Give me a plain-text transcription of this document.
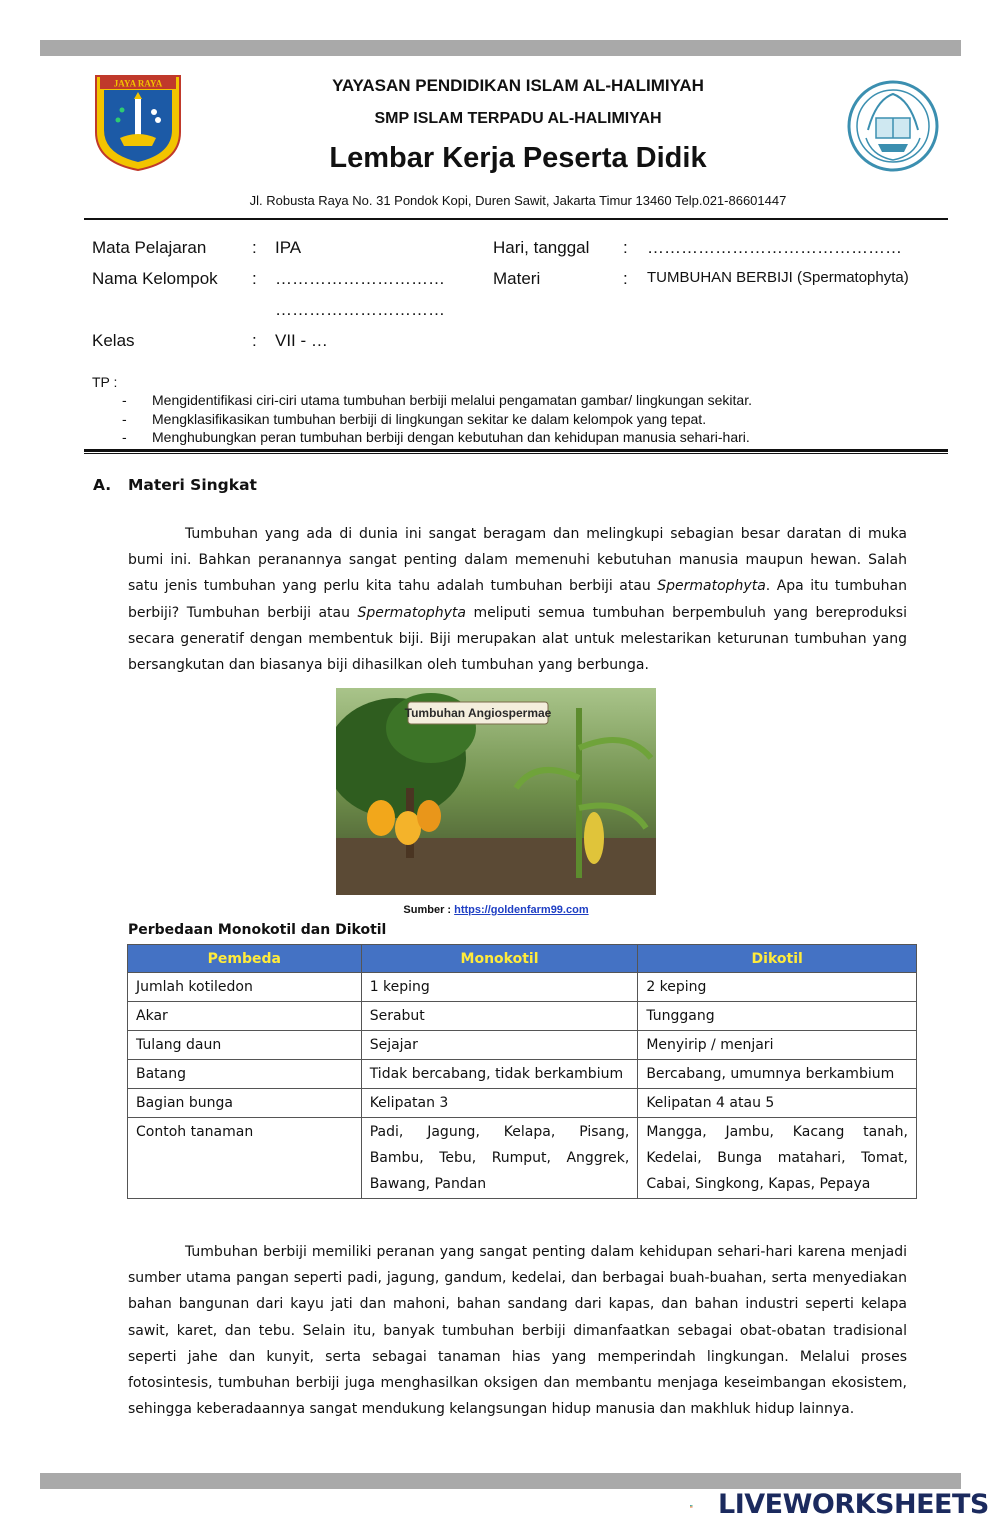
JAYA RAYA	YAYASAN PENDIDIKAN ISLAM AL-HALIMIYAH
SMP ISLAM TERPADU AL-HALIMIYAH
Lembar Kerja Peserta Didik
Jl. Robusta Raya No. 31 Pondok Kopi, Duren Sawit, Jakarta Timur 13460 Telp.021-86601447
Mata Pelajaran	: IPA	Hari, tanggal : ………………………………………
Nama Kelompok : …………………………
…………………………
Materi	: TUMBUHAN BERBIJI (Spermatophyta)
Kelas	: VII - …
TP :
- Mengidentifikasi ciri-ciri utama tumbuhan berbiji melalui pengamatan gambar/ lingkungan sekitar.
- Mengklasifikasikan tumbuhan berbiji di lingkungan sekitar ke dalam kelompok yang tepat.
- Menghubungkan peran tumbuhan berbiji dengan kebutuhan dan kehidupan manusia sehari-hari.
A. Materi Singkat
Tumbuhan yang ada di dunia ini sangat beragam dan melingkupi sebagian besar daratan di muka bumi ini. Bahkan peranannya sangat penting dalam memenuhi kebutuhan manusia maupun hewan. Salah satu jenis tumbuhan yang perlu kita tahu adalah tumbuhan berbiji atau Spermatophyta. Apa itu tumbuhan berbiji? Tumbuhan berbiji atau Spermatophyta meliputi semua tumbuhan berpembuluh yang bereproduksi secara generatif dengan membentuk biji. Biji merupakan alat untuk melestarikan keturunan tumbuhan yang bersangkutan dan biasanya biji dihasilkan oleh tumbuhan yang berbunga.
Tumbuhan Angiospermae
Sumber : https://goldenfarm99.com
Perbedaan Monokotil dan Dikotil
Pembeda	Monokotil	Dikotil
Jumlah kotiledon	1 keping	2 keping
Akar	Serabut	Tunggang
Tulang daun	Sejajar	Menyirip / menjari
Batang	Tidak bercabang, tidak berkambium	Bercabang, umumnya berkambium
Bagian bunga	Kelipatan 3	Kelipatan 4 atau 5
Contoh tanaman	Padi, Jagung, Kelapa, Pisang, Bambu, Tebu, Rumput, Anggrek, Bawang, Pandan	Mangga, Jambu, Kacang tanah, Kedelai, Bunga matahari, Tomat, Cabai, Singkong, Kapas, Pepaya
Tumbuhan berbiji memiliki peranan yang sangat penting dalam kehidupan sehari-hari karena menjadi sumber utama pangan seperti padi, jagung, gandum, kedelai, dan berbagai buah-buahan, serta menyediakan bahan bangunan dari kayu jati dan mahoni, bahan sandang dari kapas, dan bahan industri seperti kelapa sawit, karet, dan tebu. Selain itu, banyak tumbuhan berbiji dimanfaatkan sebagai obat-obatan tradisional seperti jahe dan kunyit, serta sebagai tanaman hias yang memperindah lingkungan. Melalui proses fotosintesis, tumbuhan berbiji juga menghasilkan oksigen dan membantu menjaga keseimbangan ekosistem, sehingga keberadaannya sangat mendukung kelangsungan hidup manusia dan makhluk hidup lainnya.
LIVEWORKSHEETS
